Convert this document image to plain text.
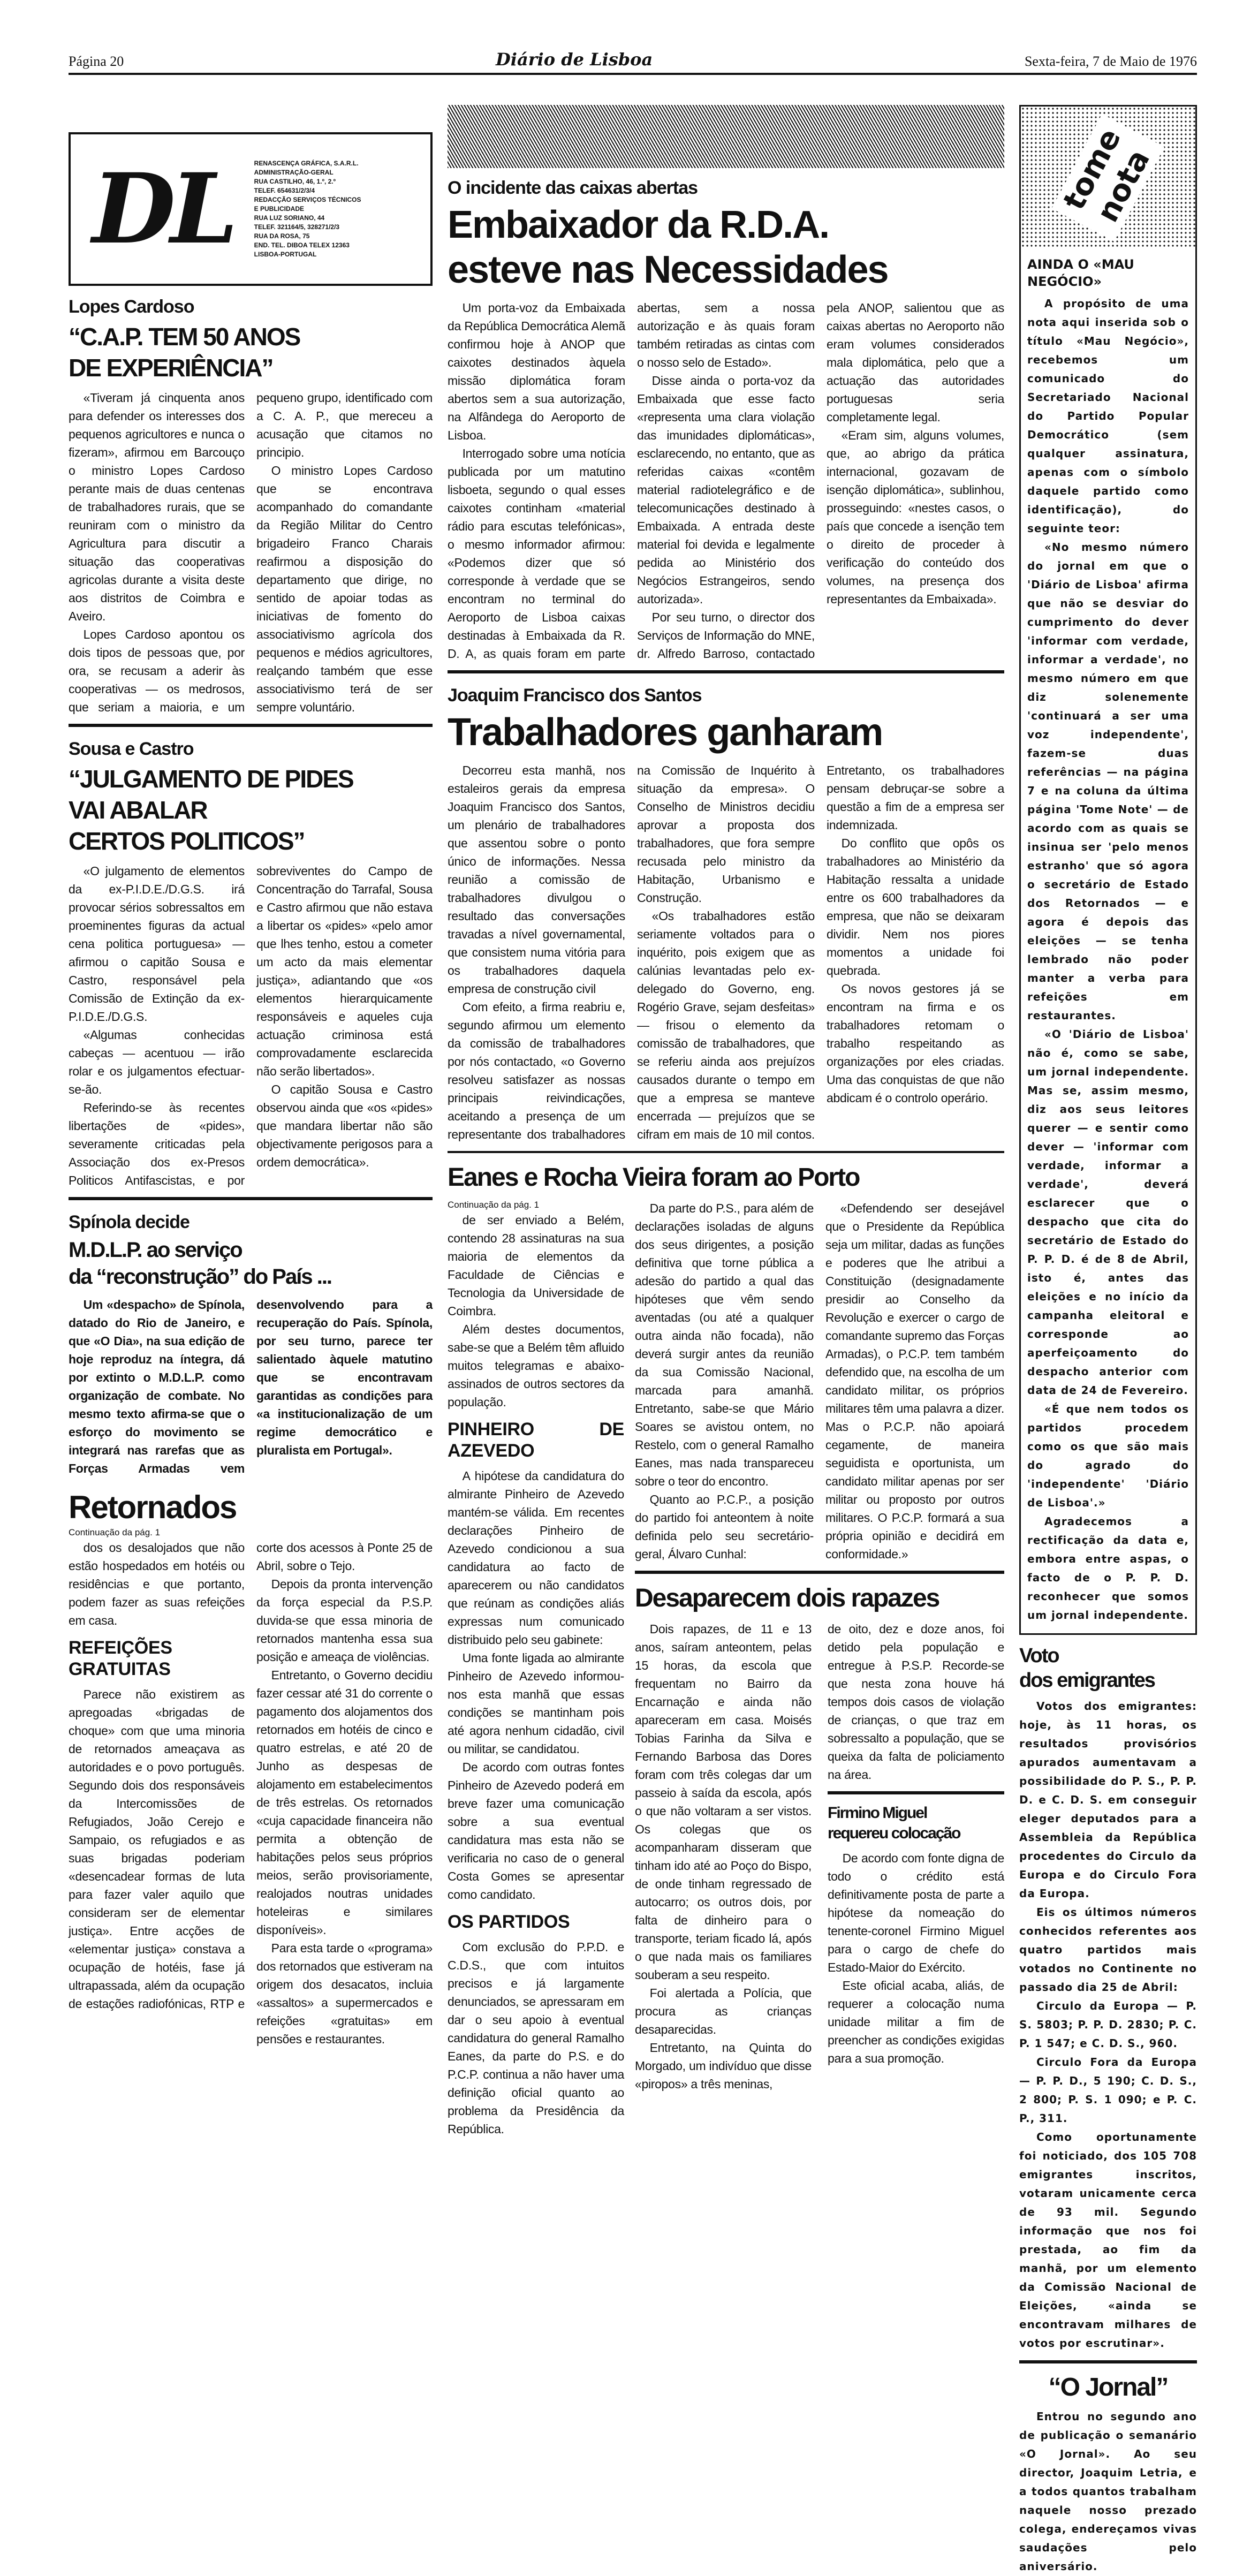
Página 20	Diário de Lisboa	Sexta-feira, 7 de Maio de 1976
DL	RENASCENÇA GRÁFICA, S.A.R.L.
ADMINISTRAÇÃO-GERAL
RUA CASTILHO, 46, 1.º, 2.º
TELEF. 654631/2/3/4
REDACÇÃO SERVIÇOS TÉCNICOS
E PUBLICIDADE
RUA LUZ SORIANO, 44
TELEF. 321164/5, 328271/2/3
RUA DA ROSA, 75
END. TEL. DIBOA TELEX 12363
LISBOA-PORTUGAL
Lopes Cardoso
“C.A.P. TEM 50 ANOS
DE EXPERIÊNCIA”

«Tiveram já cinquenta anos para defender os interesses dos pequenos agricultores e nunca o fizeram», afirmou em Barcouço o ministro Lopes Cardoso perante mais de duas centenas de trabalhadores rurais, que se reuniram com o ministro da Agricultura para discutir a situação das cooperativas agricolas durante a visita deste aos distritos de Coimbra e Aveiro.

Lopes Cardoso apontou os dois tipos de pessoas que, por ora, se recusam a aderir às cooperativas — os medrosos, que seriam a maioria, e um pequeno grupo, identificado com a C. A. P., que mereceu a acusação que citamos no principio.

O ministro Lopes Cardoso que se encontrava acompanhado do comandante da Região Militar do Centro brigadeiro Franco Charais reafirmou a disposição do departamento que dirige, no sentido de apoiar todas as iniciativas de fomento do associativismo agrícola dos pequenos e médios agricultores, realçando também que esse associativismo terá de ser sempre voluntário.

Sousa e Castro
“JULGAMENTO DE PIDES
VAI ABALAR
CERTOS POLITICOS”

«O julgamento de elementos da ex-P.I.D.E./D.G.S. irá provocar sérios sobressaltos em proeminentes figuras da actual cena politica portuguesa» — afirmou o capitão Sousa e Castro, responsável pela Comissão de Extinção da ex-P.I.D.E./D.G.S.

«Algumas conhecidas cabeças — acentuou — irão rolar e os julgamentos efectuar-se-ão.

Referindo-se às recentes libertações de «pides», severamente criticadas pela Associação dos ex-Presos Politicos Antifascistas, e por sobreviventes do Campo de Concentração do Tarrafal, Sousa e Castro afirmou que não estava a libertar os «pides» «pelo amor que lhes tenho, estou a cometer um acto da mais elementar justiça», adiantando que «os elementos hierarquicamente responsáveis e aqueles cuja actuação criminosa está comprovadamente esclarecida não serão libertados».

O capitão Sousa e Castro observou ainda que «os «pides» que mandara libertar não são objectivamente perigosos para a ordem democrática».

Spínola decide
M.D.L.P. ao serviço
da “reconstrução” do País ...

Um «despacho» de Spínola, datado do Rio de Janeiro, e que «O Dia», na sua edição de hoje reproduz na íntegra, dá por extinto o M.D.L.P. como organização de combate. No mesmo texto afirma-se que o esforço do movimento se integrará nas rarefas que as Forças Armadas vem desenvolvendo para a recuperação do País. Spínola, por seu turno, parece ter salientado àquele matutino que se encontravam garantidas as condições para «a institucionalização de um regime democrático e pluralista em Portugal».

Retornados
Continuação da pág. 1

dos os desalojados que não estão hospedados em hotéis ou residências e que portanto, podem fazer as suas refeições em casa.

REFEIÇÕES GRATUITAS

Parece não existirem as apregoadas «brigadas de choque» com que uma minoria de retornados ameaçava as autoridades e o povo português. Segundo dois dos responsáveis da Intercomissões de Refugiados, João Cerejo e Sampaio, os refugiados e as suas brigadas poderiam «desencadear formas de luta para fazer valer aquilo que consideram ser de elementar justiça». Entre acções de «elementar justiça» constava a ocupação de hotéis, fase já ultrapassada, além da ocupação de estações radiofónicas, RTP e corte dos acessos à Ponte 25 de Abril, sobre o Tejo.

Depois da pronta intervenção da força especial da P.S.P. duvida-se que essa minoria de retornados mantenha essa sua posição e ameaça de violências.

Entretanto, o Governo decidiu fazer cessar até 31 do corrente o pagamento dos alojamentos dos retornados em hotéis de cinco e quatro estrelas, e até 20 de Junho as despesas de alojamento em estabelecimentos de três estrelas. Os retornados «cuja capacidade financeira não permita a obtenção de habitações pelos seus próprios meios, serão provisoriamente, realojados noutras unidades hoteleiras e similares disponíveis».

Para esta tarde o «programa» dos retornados que estiveram na origem dos desacatos, incluia «assaltos» a supermercados e refeições «gratuitas» em pensões e restaurantes.

O incidente das caixas abertas
Embaixador da R.D.A.
esteve nas Necessidades

Um porta-voz da Embaixada da República Democrática Alemã confirmou hoje à ANOP que caixotes destinados àquela missão diplomática foram abertos sem a sua autorização, na Alfândega do Aeroporto de Lisboa.

Interrogado sobre uma notícia publicada por um matutino lisboeta, segundo o qual esses caixotes continham «material rádio para escutas telefónicas», o mesmo informador afirmou: «Podemos dizer que só corresponde à verdade que se encontram no terminal do Aeroporto de Lisboa caixas destinadas à Embaixada da R. D. A, as quais foram em parte abertas, sem a nossa autorização e às quais foram também retiradas as cintas com o nosso selo de Estado».

Disse ainda o porta-voz da Embaixada que esse facto «representa uma clara violação das imunidades diplomáticas», esclarecendo, no entanto, que as referidas caixas «contêm material radiotelegráfico e de telecomunicações destinado à Embaixada. A entrada deste material foi devida e legalmente pedida ao Ministério dos Negócios Estrangeiros, sendo autorizada».

Por seu turno, o director dos Serviços de Informação do MNE, dr. Alfredo Barroso, contactado pela ANOP, salientou que as caixas abertas no Aeroporto não eram volumes considerados mala diplomática, pelo que a actuação das autoridades portuguesas seria completamente legal.

«Eram sim, alguns volumes, que, ao abrigo da prática internacional, gozavam de isenção diplomática», sublinhou, prosseguindo: «nestes casos, o país que concede a isenção tem o direito de proceder à verificação do conteúdo dos volumes, na presença dos representantes da Embaixada».

Joaquim Francisco dos Santos
Trabalhadores ganharam

Decorreu esta manhã, nos estaleiros gerais da empresa Joaquim Francisco dos Santos, um plenário de trabalhadores que assentou sobre o ponto único de informações. Nessa reunião a comissão de trabalhadores divulgou o resultado das conversações travadas a nível governamental, que consistem numa vitória para os trabalhadores daquela empresa de construção civil

Com efeito, a firma reabriu e, segundo afirmou um elemento da comissão de trabalhadores por nós contactado, «o Governo resolveu satisfazer as nossas principais reivindicações, aceitando a presença de um representante dos trabalhadores na Comissão de Inquérito à situação da empresa». O Conselho de Ministros decidiu aprovar a proposta dos trabalhadores, que fora sempre recusada pelo ministro da Habitação, Urbanismo e Construção.

«Os trabalhadores estão seriamente voltados para o inquérito, pois exigem que as calúnias levantadas pelo ex-delegado do Governo, eng. Rogério Grave, sejam desfeitas» — frisou o elemento da comissão de trabalhadores, que se referiu ainda aos prejuízos causados durante o tempo em que a empresa se manteve encerrada — prejuízos que se cifram em mais de 10 mil contos. Entretanto, os trabalhadores pensam debruçar-se sobre a questão a fim de a empresa ser indemnizada.

Do conflito que opôs os trabalhadores ao Ministério da Habitação ressalta a unidade entre os 600 trabalhadores da empresa, que não se deixaram dividir. Nem nos piores momentos a unidade foi quebrada.

Os novos gestores já se encontram na firma e os trabalhadores retomam o trabalho respeitando as organizações por eles criadas. Uma das conquistas de que não abdicam é o controlo operário.

Eanes e Rocha Vieira foram ao Porto
Continuação da pág. 1

de ser enviado a Belém, contendo 28 assinaturas na sua maioria de elementos da Faculdade de Ciências e Tecnologia da Universidade de Coimbra.

Além destes documentos, sabe-se que a Belém têm afluido muitos telegramas e abaixo-assinados de outros sectores da população.

PINHEIRO DE AZEVEDO

A hipótese da candidatura do almirante Pinheiro de Azevedo mantém-se válida. Em recentes declarações Pinheiro de Azevedo condicionou a sua candidatura ao facto de aparecerem ou não candidatos que reúnam as condições aliás expressas num comunicado distribuido pelo seu gabinete:

Uma fonte ligada ao almirante Pinheiro de Azevedo informou-nos esta manhã que essas condições se mantinham pois até agora nenhum cidadão, civil ou militar, se candidatou.

De acordo com outras fontes Pinheiro de Azevedo poderá em breve fazer uma comunicação sobre a sua eventual candidatura mas esta não se verificaria no caso de o general Costa Gomes se apresentar como candidato.

OS PARTIDOS

Com exclusão do P.P.D. e C.D.S., que com intuitos precisos e já largamente denunciados, se apressaram em dar o seu apoio à eventual candidatura do general Ramalho Eanes, da parte do P.S. e do P.C.P. continua a não haver uma definição oficial quanto ao problema da Presidência da República.

Da parte do P.S., para além de declarações isoladas de alguns dos seus dirigentes, a posição definitiva que torne pública a adesão do partido a qual das hipóteses que vêm sendo aventadas (ou até a qualquer outra ainda não focada), não deverá surgir antes da reunião da sua Comissão Nacional, marcada para amanhã. Entretanto, sabe-se que Mário Soares se avistou ontem, no Restelo, com o general Ramalho Eanes, mas nada transpareceu sobre o teor do encontro.

Quanto ao P.C.P., a posição do partido foi anteontem à noite definida pelo seu secretário-geral, Álvaro Cunhal:

«Defendendo ser desejável que o Presidente da República seja um militar, dadas as funções e poderes que lhe atribui a Constituição (designadamente presidir ao Conselho da Revolução e exercer o cargo de comandante supremo das Forças Armadas), o P.C.P. tem também defendido que, na escolha de um candidato militar, os próprios militares têm uma palavra a dizer. Mas o P.C.P. não apoiará cegamente, de maneira seguidista e oportunista, um candidato militar apenas por ser militar ou proposto por outros militares. O P.C.P. formará a sua própria opinião e decidirá em conformidade.»

Desaparecem dois rapazes

Dois rapazes, de 11 e 13 anos, saíram anteontem, pelas 15 horas, da escola que frequentam no Bairro da Encarnação e ainda não apareceram em casa. Moisés Tobias Farinha da Silva e Fernando Barbosa das Dores foram com três colegas dar um passeio à saída da escola, após o que não voltaram a ser vistos. Os colegas que os acompanharam disseram que tinham ido até ao Poço do Bispo, de onde tinham regressado de autocarro; os outros dois, por falta de dinheiro para o transporte, teriam ficado lá, após o que nada mais os familiares souberam a seu respeito.

Foi alertada a Polícia, que procura as crianças desaparecidas.

Entretanto, na Quinta do Morgado, um indivíduo que disse «piropos» a três meninas,

de oito, dez e doze anos, foi detido pela população e entregue à P.S.P. Recorde-se que nesta zona houve há tempos dois casos de violação de crianças, o que traz em sobressalto a população, que se queixa da falta de policiamento na área.

Firmino Miguel
requereu colocação

De acordo com fonte digna de todo o crédito está definitivamente posta de parte a hipótese da nomeação do tenente-coronel Firmino Miguel para o cargo de chefe do Estado-Maior do Exército.

Este oficial acaba, aliás, de requerer a colocação numa unidade militar a fim de preencher as condições exigidas para a sua promoção.

tome nota
AINDA O «MAU NEGÓCIO»

A propósito de uma nota aqui inserida sob o título «Mau Negócio», recebemos um comunicado do Secretariado Nacional do Partido Popular Democrático (sem qualquer assinatura, apenas com o símbolo daquele partido como identificação), do seguinte teor:

«No mesmo número do jornal em que o 'Diário de Lisboa' afirma que não se desviar do cumprimento do dever 'informar com verdade, informar a verdade', no mesmo número em que diz solenemente 'continuará a ser uma voz independente', fazem-se duas referências — na página 7 e na coluna da última página 'Tome Note' — de acordo com as quais se insinua ser 'pelo menos estranho' que só agora o secretário de Estado dos Retornados — e agora é depois das eleições — se tenha lembrado não poder manter a verba para refeições em restaurantes.

«O 'Diário de Lisboa' não é, como se sabe, um jornal independente. Mas se, assim mesmo, diz aos seus leitores querer — e sentir como dever — 'informar com verdade, informar a verdade', deverá esclarecer que o despacho que cita do secretário de Estado do P. P. D. é de 8 de Abril, isto é, antes das eleições e no início da campanha eleitoral e corresponde ao aperfeiçoamento do despacho anterior com data de 24 de Fevereiro.

«É que nem todos os partidos procedem como os que são mais do agrado do 'independente' 'Diário de Lisboa'.»

Agradecemos a rectificação da data e, embora entre aspas, o facto de o P. P. D. reconhecer que somos um jornal independente.

Voto
dos emigrantes

Votos dos emigrantes: hoje, às 11 horas, os resultados provisórios apurados aumentavam a possibilidade do P. S., P. P. D. e C. D. S. em conseguir eleger deputados para a Assembleia da República procedentes do Circulo da Europa e do Circulo Fora da Europa.

Eis os últimos números conhecidos referentes aos quatro partidos mais votados no Continente no passado dia 25 de Abril:

Circulo da Europa — P. S. 5803; P. P. D. 2830; P. C. P. 1 547; e C. D. S., 960.

Circulo Fora da Europa — P. P. D., 5 190; C. D. S., 2 800; P. S. 1 090; e P. C. P., 311.

Como oportunamente foi noticiado, dos 105 708 emigrantes inscritos, votaram unicamente cerca de 93 mil. Segundo informação que nos foi prestada, ao fim da manhã, por um elemento da Comissão Nacional de Eleições, «ainda se encontravam milhares de votos por escrutinar».

“O Jornal”

Entrou no segundo ano de publicação o semanário «O Jornal». Ao seu director, Joaquim Letria, e a todos quantos trabalham naquele nosso prezado colega, endereçamos vivas saudações pelo aniversário.
